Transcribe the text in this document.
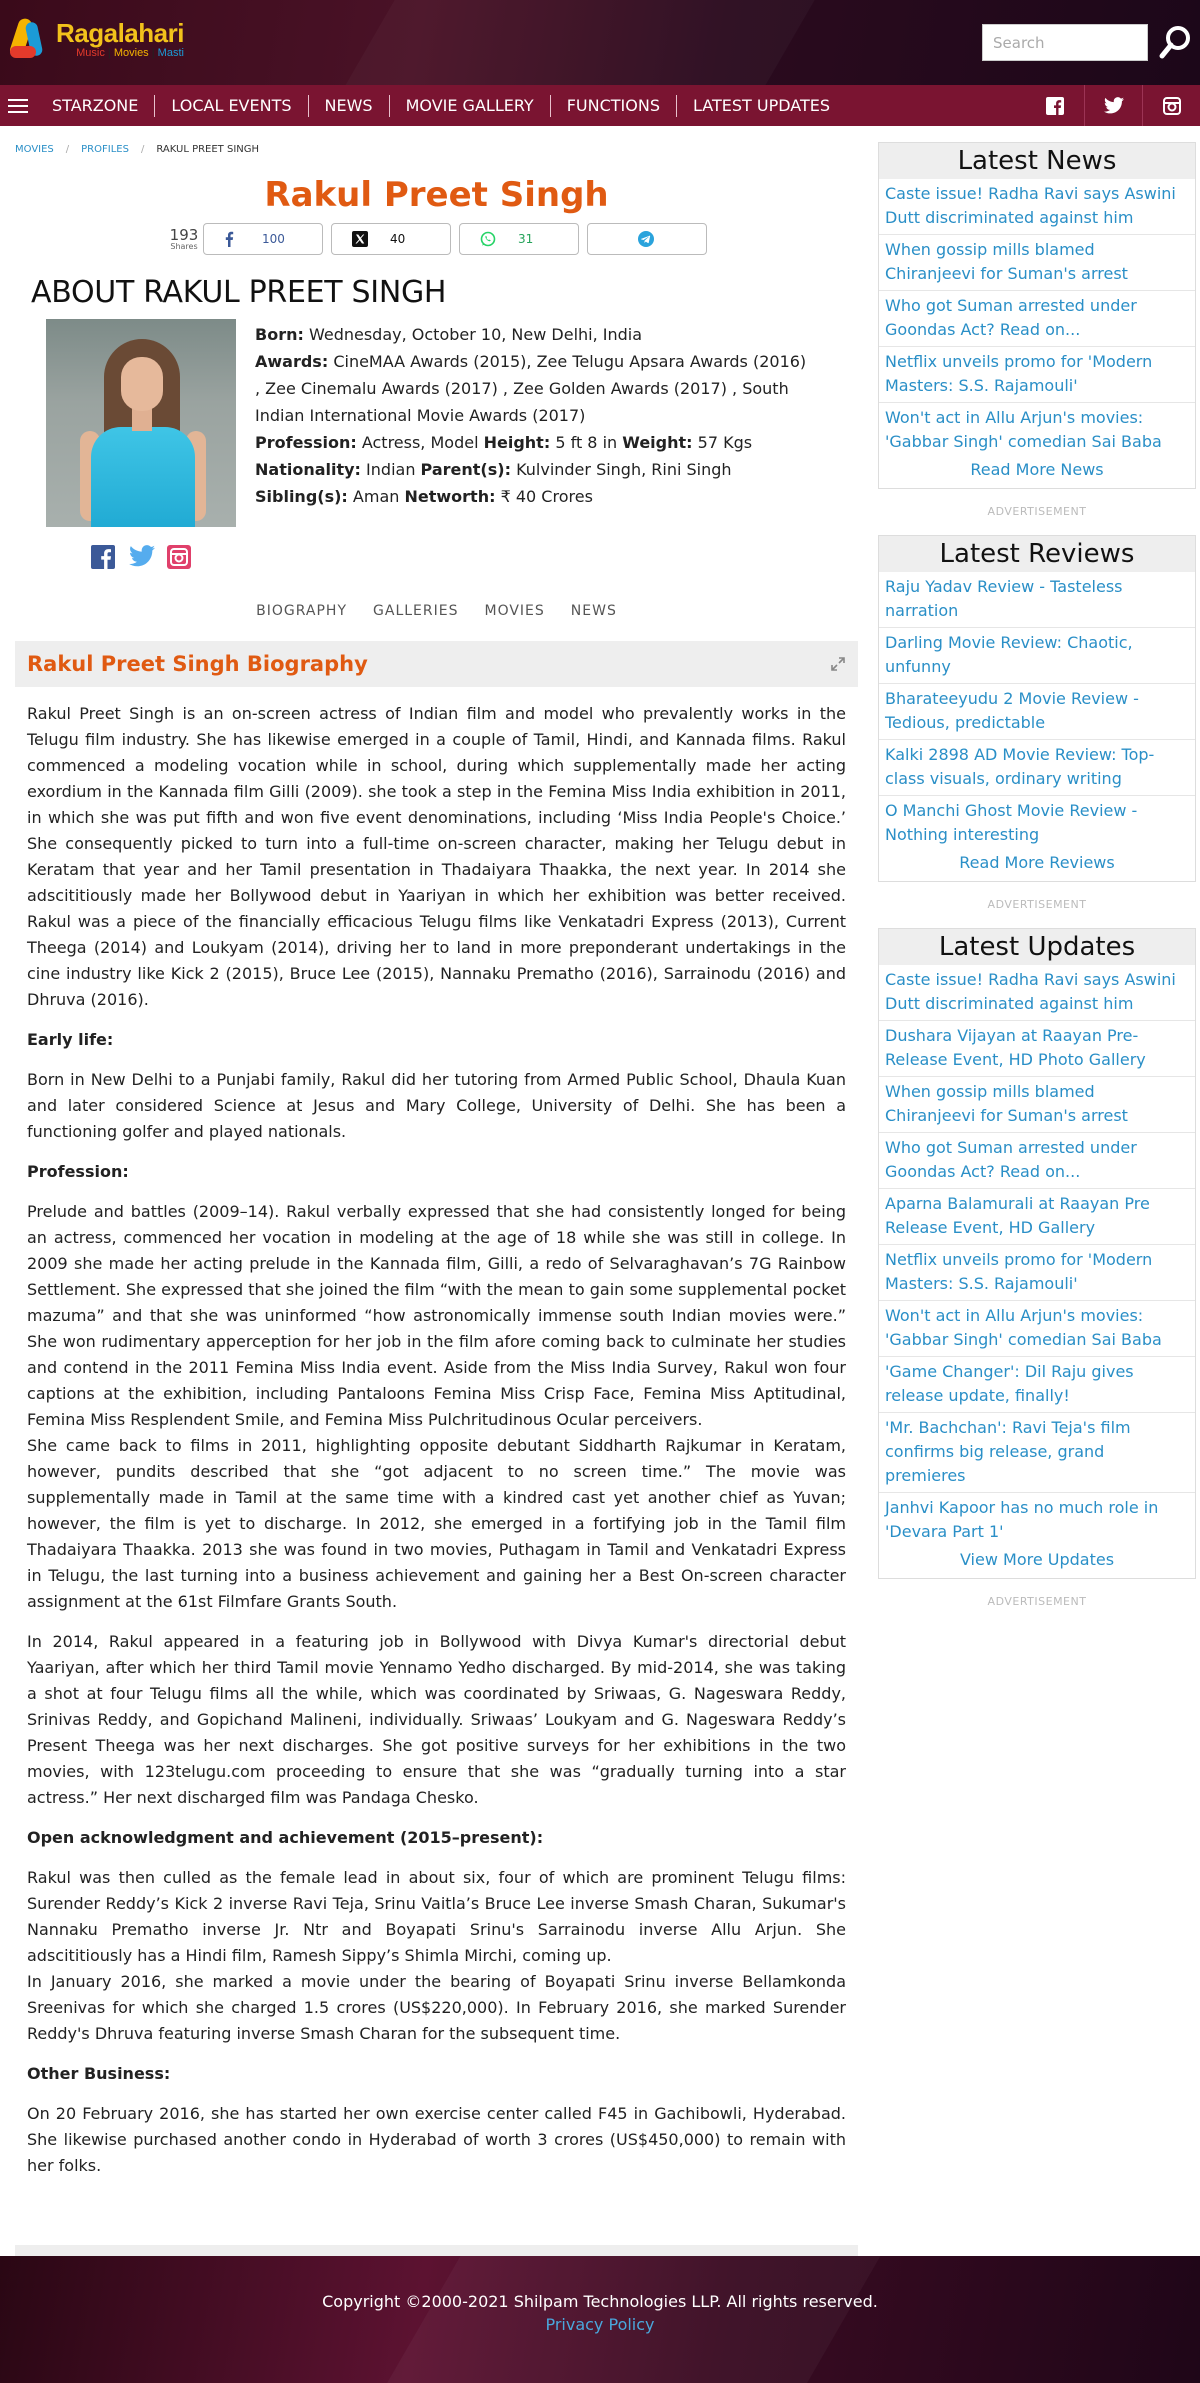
Ragalahari
Music | Movies | Masti
Search
STARZONE	LOCAL EVENTS	NEWS	MOVIE GALLERY	FUNCTIONS	LATEST UPDATES
MOVIES / PROFILES / RAKUL PREET SINGH
Rakul Preet Singh
193
Shares	100	40	31
ABOUT RAKUL PREET SINGH
Born: Wednesday, October 10, New Delhi, India
Awards: CineMAA Awards (2015), Zee Telugu Apsara Awards (2016) , Zee Cinemalu Awards (2017) , Zee Golden Awards (2017) , South Indian International Movie Awards (2017)
Profession: Actress, Model Height: 5 ft 8 in Weight: 57 Kgs Nationality: Indian Parent(s): Kulvinder Singh, Rini Singh Sibling(s): Aman Networth: ₹ 40 Crores
BIOGRAPHY GALLERIES MOVIES NEWS
Rakul Preet Singh Biography

Rakul Preet Singh is an on-screen actress of Indian film and model who prevalently works in the Telugu film industry. She has likewise emerged in a couple of Tamil, Hindi, and Kannada films. Rakul commenced a modeling vocation while in school, during which supplementally made her acting exordium in the Kannada film Gilli (2009). she took a step in the Femina Miss India exhibition in 2011, in which she was put fifth and won five event denominations, including ‘Miss India People's Choice.’ She consequently picked to turn into a full-time on-screen character, making her Telugu debut in Keratam that year and her Tamil presentation in Thadaiyara Thaakka, the next year. In 2014 she adscititiously made her Bollywood debut in Yaariyan in which her exhibition was better received. Rakul was a piece of the financially efficacious Telugu films like Venkatadri Express (2013), Current Theega (2014) and Loukyam (2014), driving her to land in more preponderant undertakings in the cine industry like Kick 2 (2015), Bruce Lee (2015), Nannaku Prematho (2016), Sarrainodu (2016) and Dhruva (2016).

Early life:

Born in New Delhi to a Punjabi family, Rakul did her tutoring from Armed Public School, Dhaula Kuan and later considered Science at Jesus and Mary College, University of Delhi. She has been a functioning golfer and played nationals.

Profession:

Prelude and battles (2009–14). Rakul verbally expressed that she had consistently longed for being an actress, commenced her vocation in modeling at the age of 18 while she was still in college. In 2009 she made her acting prelude in the Kannada film, Gilli, a redo of Selvaraghavan’s 7G Rainbow Settlement. She expressed that she joined the film “with the mean to gain some supplemental pocket mazuma” and that she was uninformed “how astronomically immense south Indian movies were.” She won rudimentary apperception for her job in the film afore coming back to culminate her studies and contend in the 2011 Femina Miss India event. Aside from the Miss India Survey, Rakul won four captions at the exhibition, including Pantaloons Femina Miss Crisp Face, Femina Miss Aptitudinal, Femina Miss Resplendent Smile, and Femina Miss Pulchritudinous Ocular perceivers.

She came back to films in 2011, highlighting opposite debutant Siddharth Rajkumar in Keratam, however, pundits described that she “got adjacent to no screen time.” The movie was supplementally made in Tamil at the same time with a kindred cast yet another chief as Yuvan; however, the film is yet to discharge. In 2012, she emerged in a fortifying job in the Tamil film Thadaiyara Thaakka. 2013 she was found in two movies, Puthagam in Tamil and Venkatadri Express in Telugu, the last turning into a business achievement and gaining her a Best On-screen character assignment at the 61st Filmfare Grants South.

In 2014, Rakul appeared in a featuring job in Bollywood with Divya Kumar's directorial debut Yaariyan, after which her third Tamil movie Yennamo Yedho discharged. By mid-2014, she was taking a shot at four Telugu films all the while, which was coordinated by Sriwaas, G. Nageswara Reddy, Srinivas Reddy, and Gopichand Malineni, individually. Sriwaas’ Loukyam and G. Nageswara Reddy’s Present Theega was her next discharges. She got positive surveys for her exhibitions in the two movies, with 123telugu.com proceeding to ensure that she was “gradually turning into a star actress.” Her next discharged film was Pandaga Chesko.

Open acknowledgment and achievement (2015–present):

Rakul was then culled as the female lead in about six, four of which are prominent Telugu films: Surender Reddy’s Kick 2 inverse Ravi Teja, Srinu Vaitla’s Bruce Lee inverse Smash Charan, Sukumar's Nannaku Prematho inverse Jr. Ntr and Boyapati Srinu's Sarrainodu inverse Allu Arjun. She adscititiously has a Hindi film, Ramesh Sippy’s Shimla Mirchi, coming up.

In January 2016, she marked a movie under the bearing of Boyapati Srinu inverse Bellamkonda Sreenivas for which she charged 1.5 crores (US$220,000). In February 2016, she marked Surender Reddy's Dhruva featuring inverse Smash Charan for the subsequent time.

Other Business:

On 20 February 2016, she has started her own exercise center called F45 in Gachibowli, Hyderabad. She likewise purchased another condo in Hyderabad of worth 3 crores (US$450,000) to remain with her folks.

Latest News
Caste issue! Radha Ravi says Aswini Dutt discriminated against him
When gossip mills blamed Chiranjeevi for Suman's arrest
Who got Suman arrested under Goondas Act? Read on...
Netflix unveils promo for 'Modern Masters: S.S. Rajamouli'
Won't act in Allu Arjun's movies: 'Gabbar Singh' comedian Sai Baba
Read More News
ADVERTISEMENT
Latest Reviews
Raju Yadav Review - Tasteless narration
Darling Movie Review: Chaotic, unfunny
Bharateeyudu 2 Movie Review - Tedious, predictable
Kalki 2898 AD Movie Review: Top-class visuals, ordinary writing
O Manchi Ghost Movie Review - Nothing interesting
Read More Reviews
ADVERTISEMENT
Latest Updates
Caste issue! Radha Ravi says Aswini Dutt discriminated against him
Dushara Vijayan at Raayan Pre-Release Event, HD Photo Gallery
When gossip mills blamed Chiranjeevi for Suman's arrest
Who got Suman arrested under Goondas Act? Read on...
Aparna Balamurali at Raayan Pre Release Event, HD Gallery
Netflix unveils promo for 'Modern Masters: S.S. Rajamouli'
Won't act in Allu Arjun's movies: 'Gabbar Singh' comedian Sai Baba
'Game Changer': Dil Raju gives release update, finally!
'Mr. Bachchan': Ravi Teja's film confirms big release, grand premieres
Janhvi Kapoor has no much role in 'Devara Part 1'
View More Updates
ADVERTISEMENT
Copyright ©2000-2021 Shilpam Technologies LLP. All rights reserved.
Privacy Policy
